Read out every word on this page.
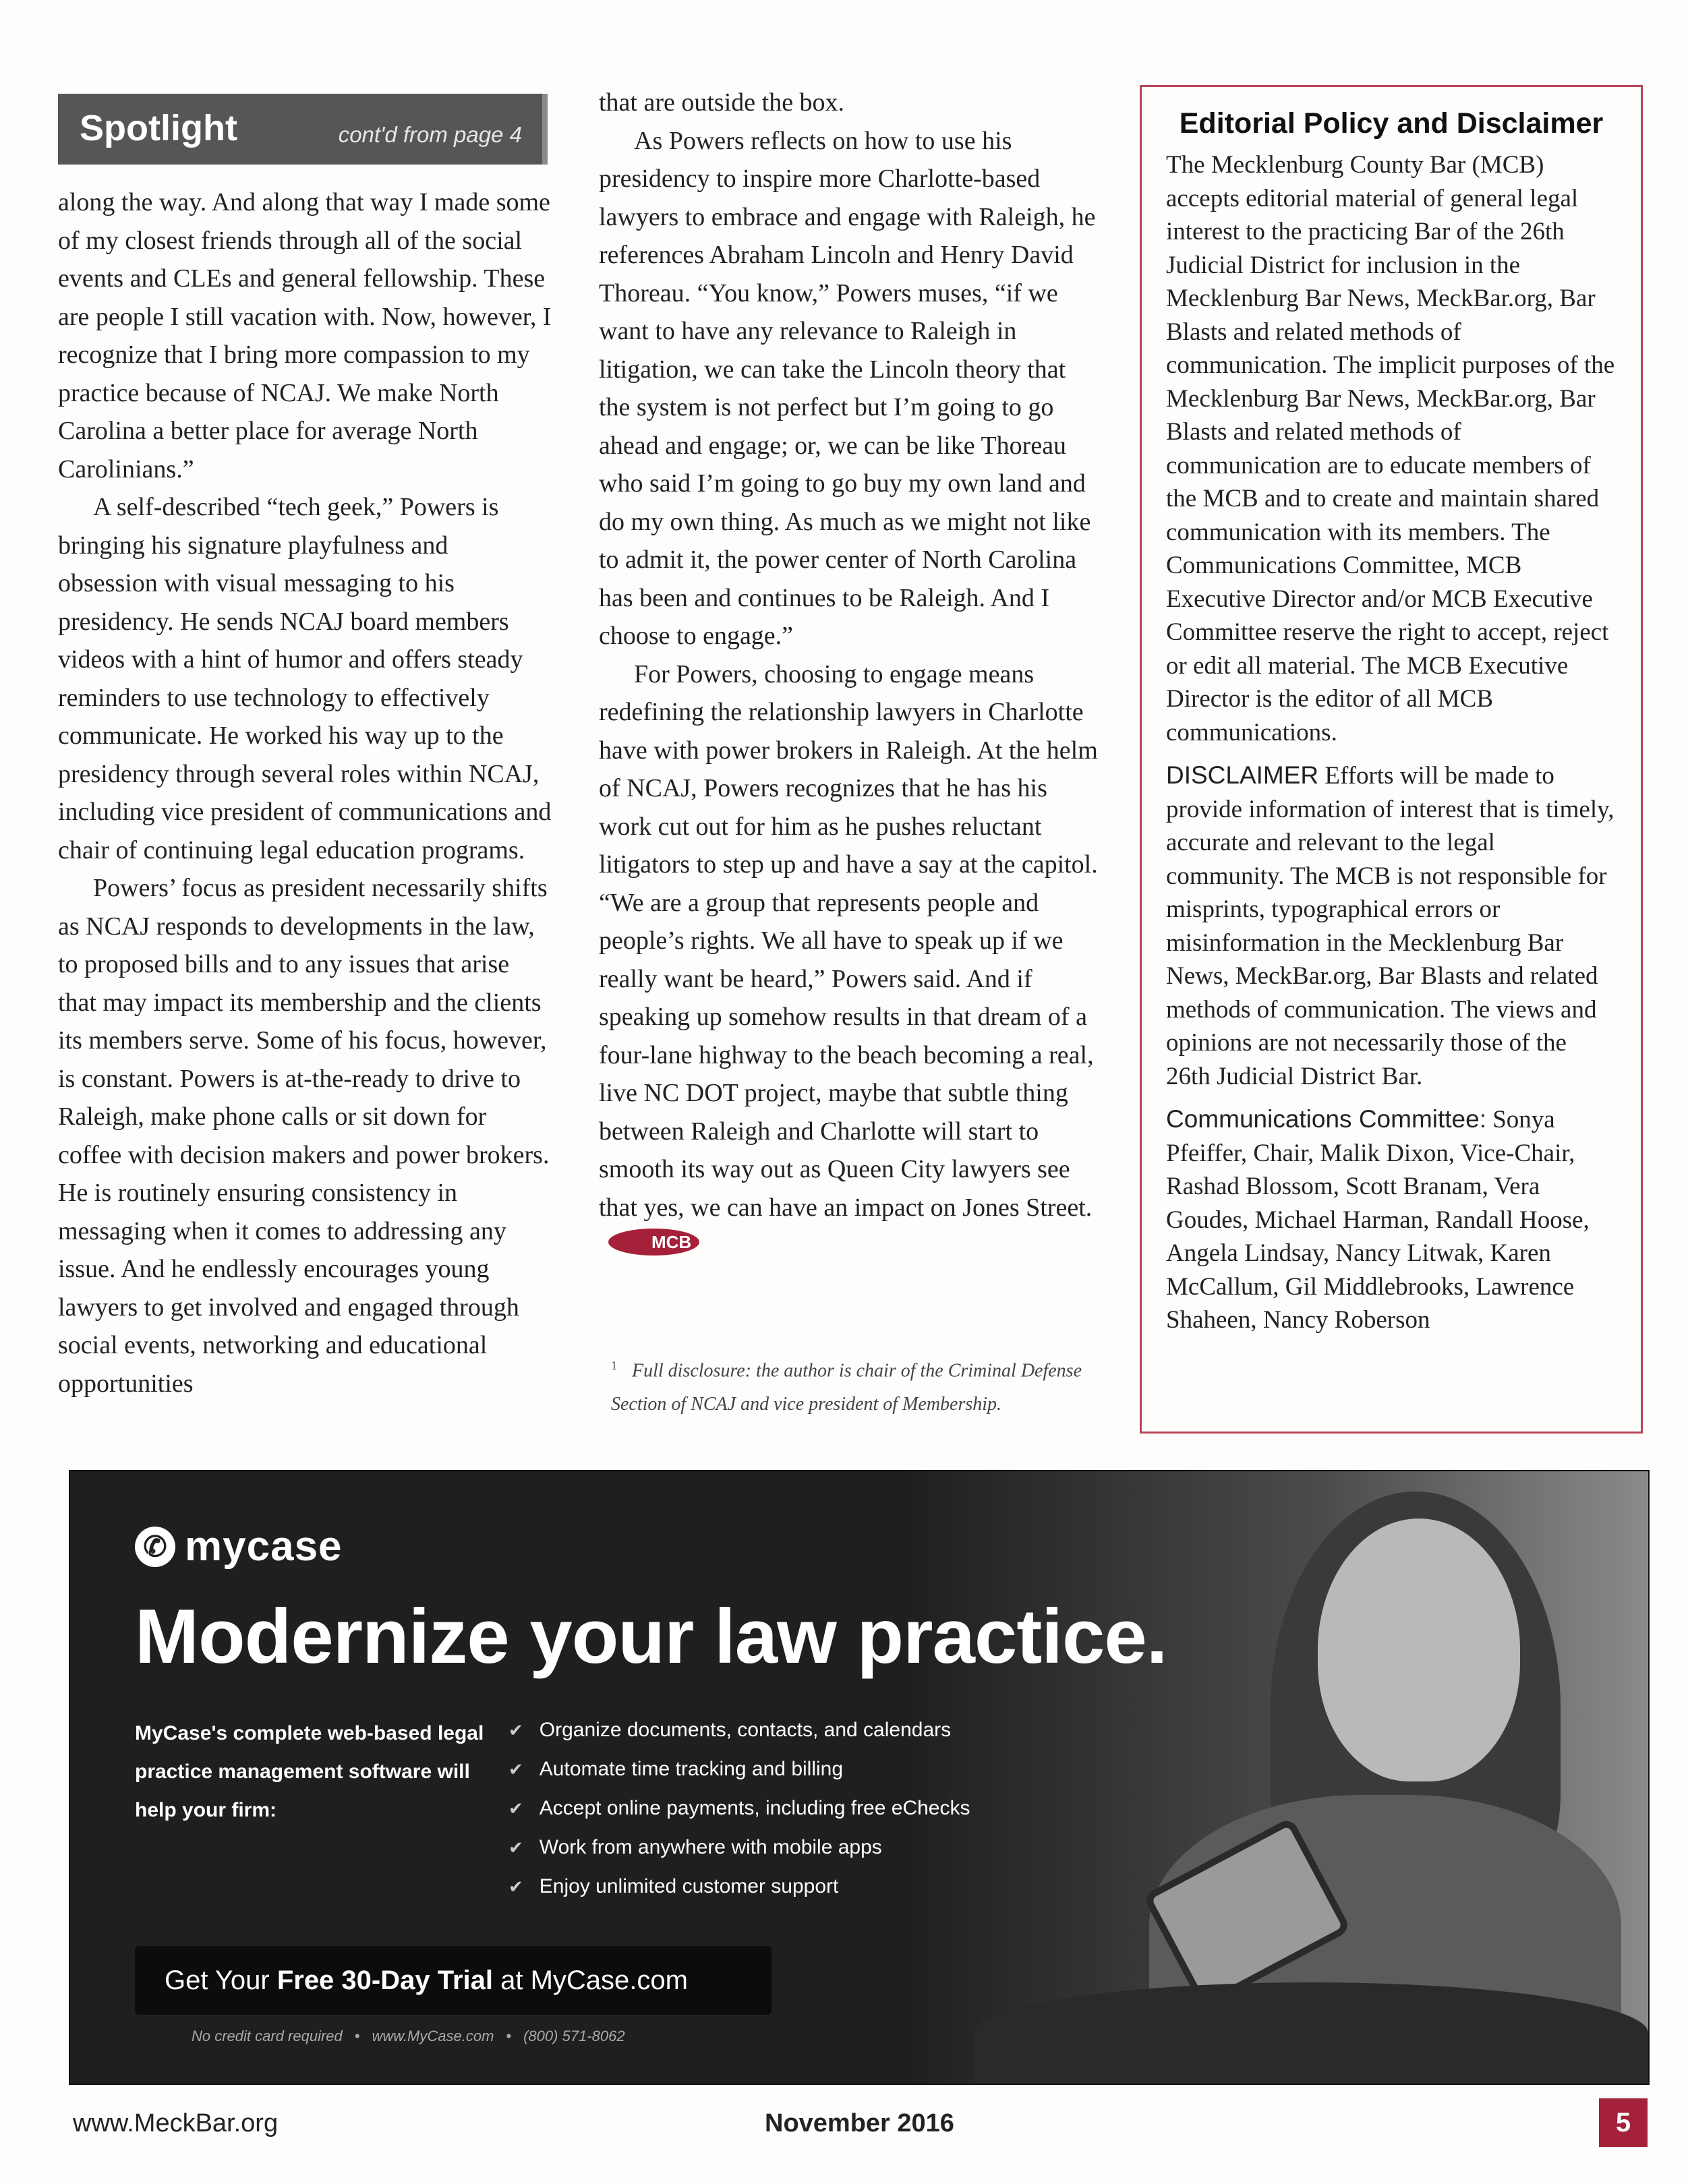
Spotlight	cont'd from page 4

along the way. And along that way I made some of my closest friends through all of the social events and CLEs and general fellowship. These are people I still vacation with. Now, however, I recognize that I bring more compassion to my practice because of NCAJ. We make North Carolina a better place for average North Carolinians.”

A self-described “tech geek,” Powers is bringing his signature playfulness and obsession with visual messaging to his presidency. He sends NCAJ board members videos with a hint of humor and offers steady reminders to use technology to effectively communicate. He worked his way up to the presidency through several roles within NCAJ, including vice president of communications and chair of continuing legal education programs.

Powers’ focus as president necessarily shifts as NCAJ responds to developments in the law, to proposed bills and to any issues that arise that may impact its membership and the clients its members serve. Some of his focus, however, is constant. Powers is at-the-ready to drive to Raleigh, make phone calls or sit down for coffee with decision makers and power brokers. He is routinely ensuring consistency in messaging when it comes to addressing any issue. And he endlessly encourages young lawyers to get involved and engaged through social events, networking and educational opportunities

that are outside the box.

As Powers reflects on how to use his presidency to inspire more Charlotte-based lawyers to embrace and engage with Raleigh, he references Abraham Lincoln and Henry David Thoreau. “You know,” Powers muses, “if we want to have any relevance to Raleigh in litigation, we can take the Lincoln theory that the system is not perfect but I’m going to go ahead and engage; or, we can be like Thoreau who said I’m going to go buy my own land and do my own thing. As much as we might not like to admit it, the power center of North Carolina has been and continues to be Raleigh. And I choose to engage.”

For Powers, choosing to engage means redefining the relationship lawyers in Charlotte have with power brokers in Raleigh. At the helm of NCAJ, Powers recognizes that he has his work cut out for him as he pushes reluctant litigators to step up and have a say at the capitol. “We are a group that represents people and people’s rights. We all have to speak up if we really want be heard,” Powers said. And if speaking up somehow results in that dream of a four-lane highway to the beach becoming a real, live NC DOT project, maybe that subtle thing between Raleigh and Charlotte will start to smooth its way out as Queen City lawyers see that yes, we can have an impact on Jones Street.MCB

$^1$ Full disclosure: the author is chair of the Criminal Defense Section of NCAJ and vice president of Membership.
Editorial Policy and Disclaimer

The Mecklenburg County Bar (MCB) accepts editorial material of general legal interest to the practicing Bar of the 26th Judicial District for inclusion in the Mecklenburg Bar News, MeckBar.org, Bar Blasts and related methods of communication. The implicit purposes of the Mecklenburg Bar News, MeckBar.org, Bar Blasts and related methods of communication are to educate members of the MCB and to create and maintain shared communication with its members. The Communications Committee, MCB Executive Director and/or MCB Executive Committee reserve the right to accept, reject or edit all material. The MCB Executive Director is the editor of all MCB communications.

DISCLAIMER Efforts will be made to provide information of interest that is timely, accurate and relevant to the legal community. The MCB is not responsible for misprints, typographical errors or misinformation in the Mecklenburg Bar News, MeckBar.org, Bar Blasts and related methods of communication. The views and opinions are not necessarily those of the 26th Judicial District Bar.

Communications Committee: Sonya Pfeiffer, Chair, Malik Dixon, Vice-Chair, Rashad Blossom, Scott Branam, Vera Goudes, Michael Harman, Randall Hoose, Angela Lindsay, Nancy Litwak, Karen McCallum, Gil Middlebrooks, Lawrence Shaheen, Nancy Roberson

✆ mycase
Modernize your law practice.
MyCase's complete web-based legal practice management software will help your firm:
✔ Organize documents, contacts, and calendars
✔ Automate time tracking and billing
✔ Accept online payments, including free eChecks
✔ Work from anywhere with mobile apps
✔ Enjoy unlimited customer support
Get Your Free 30-Day Trial at MyCase.com
No credit card required • www.MyCase.com • (800) 571-8062
www.MeckBar.org	November 2016	5
